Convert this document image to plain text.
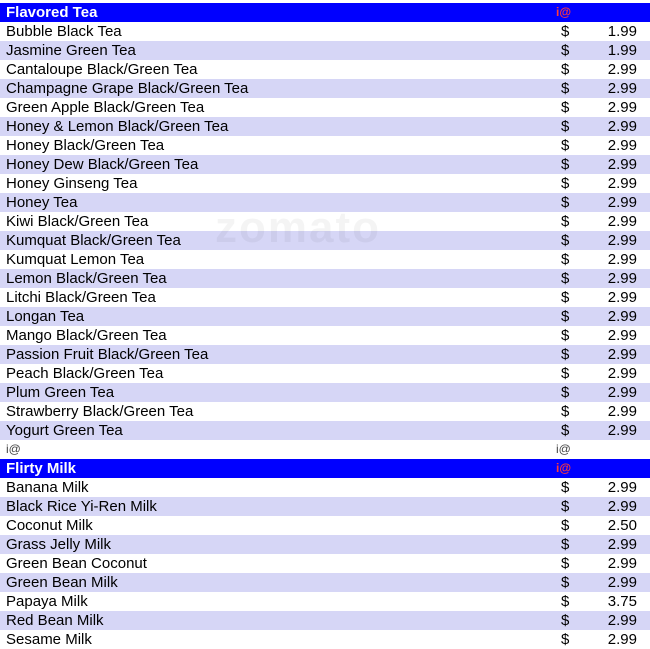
Flavored Tea	i@
Bubble Black Tea	$	1.99
Jasmine Green Tea	$	1.99
Cantaloupe Black/Green Tea	$	2.99
Champagne Grape Black/Green Tea	$	2.99
Green Apple Black/Green Tea	$	2.99
Honey & Lemon Black/Green Tea	$	2.99
Honey Black/Green Tea	$	2.99
Honey Dew Black/Green Tea	$	2.99
Honey Ginseng Tea	$	2.99
Honey Tea	$	2.99
Kiwi Black/Green Tea	$	2.99
Kumquat Black/Green Tea	$	2.99
Kumquat Lemon Tea	$	2.99
Lemon Black/Green Tea	$	2.99
Litchi Black/Green Tea	$	2.99
Longan Tea	$	2.99
Mango Black/Green Tea	$	2.99
Passion Fruit Black/Green Tea	$	2.99
Peach Black/Green Tea	$	2.99
Plum Green Tea	$	2.99
Strawberry Black/Green Tea	$	2.99
Yogurt Green Tea	$	2.99
i@	i@
Flirty Milk	i@
Banana Milk	$	2.99
Black Rice Yi-Ren Milk	$	2.99
Coconut Milk	$	2.50
Grass Jelly Milk	$	2.99
Green Bean Coconut	$	2.99
Green Bean Milk	$	2.99
Papaya Milk	$	3.75
Red Bean Milk	$	2.99
Sesame Milk	$	2.99
